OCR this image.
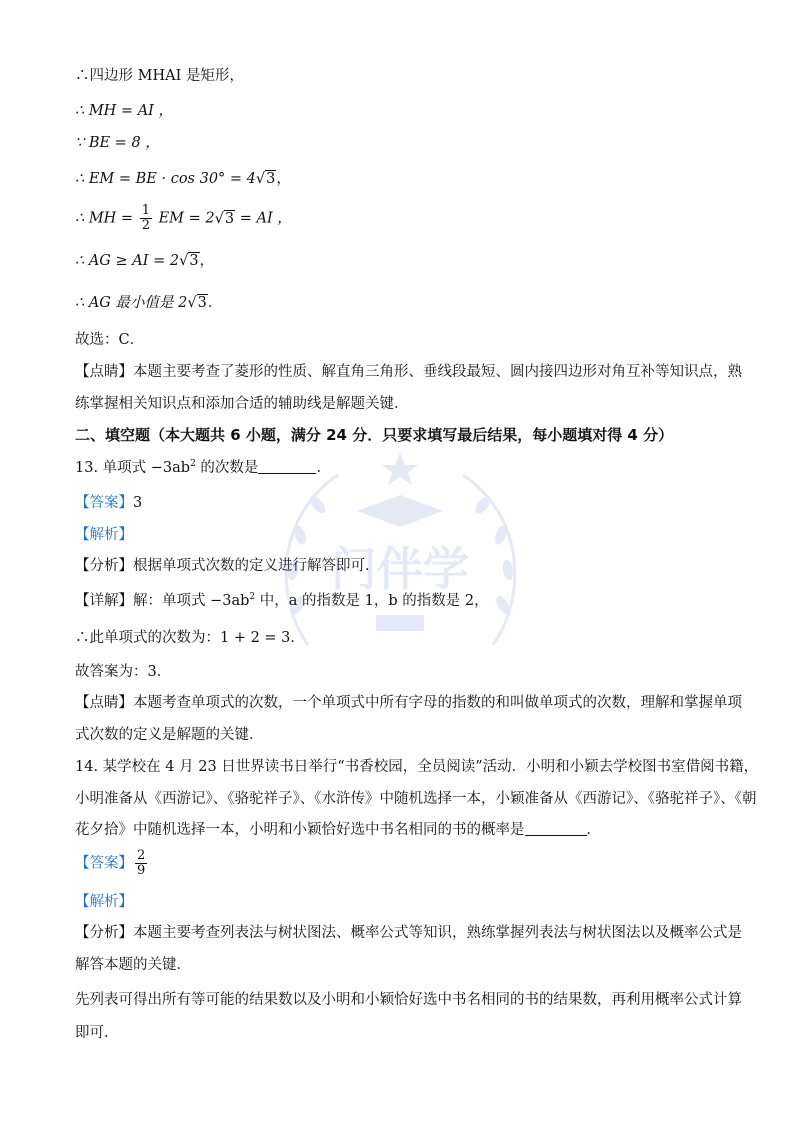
门伴学
∴四边形 MHAI 是矩形，
∴ MH = AI ，
∵ BE = 8 ，
∴ EM = BE · cos 30° = 4√3，
∴ MH = $\frac{1}{2}$ EM = 2√3 = AI ，
∴ AG ≥ AI = 2√3，
∴ AG 最小值是 2√3．
故选：C．
【点睛】本题主要考查了菱形的性质、解直角三角形、垂线段最短、圆内接四边形对角互补等知识点，熟
练掌握相关知识点和添加合适的辅助线是解题关键．
二、填空题（本大题共 6 小题，满分 24 分．只要求填写最后结果，每小题填对得 4 分）
13. 单项式 $-3ab^2$ 的次数是	．
【答案】3
【解析】
【分析】根据单项式次数的定义进行解答即可．
【详解】解：单项式 $-3ab^2$ 中，a 的指数是 1，b 的指数是 2，
∴此单项式的次数为：1 + 2 = 3．
故答案为：3．
【点睛】本题考查单项式的次数，一个单项式中所有字母的指数的和叫做单项式的次数，理解和掌握单项
式次数的定义是解题的关键．
14. 某学校在 4 月 23 日世界读书日举行“书香校园，全员阅读”活动．小明和小颖去学校图书室借阅书籍，
小明准备从《西游记》、《骆驼祥子》、《水浒传》中随机选择一本，小颖准备从《西游记》、《骆驼祥子》、《朝
花夕拾》中随机选择一本，小明和小颖恰好选中书名相同的书的概率是	．
【答案】 $\frac{2}{9}$
【解析】
【分析】本题主要考查列表法与树状图法、概率公式等知识，熟练掌握列表法与树状图法以及概率公式是
解答本题的关键．
先列表可得出所有等可能的结果数以及小明和小颖恰好选中书名相同的书的结果数，再利用概率公式计算
即可．
